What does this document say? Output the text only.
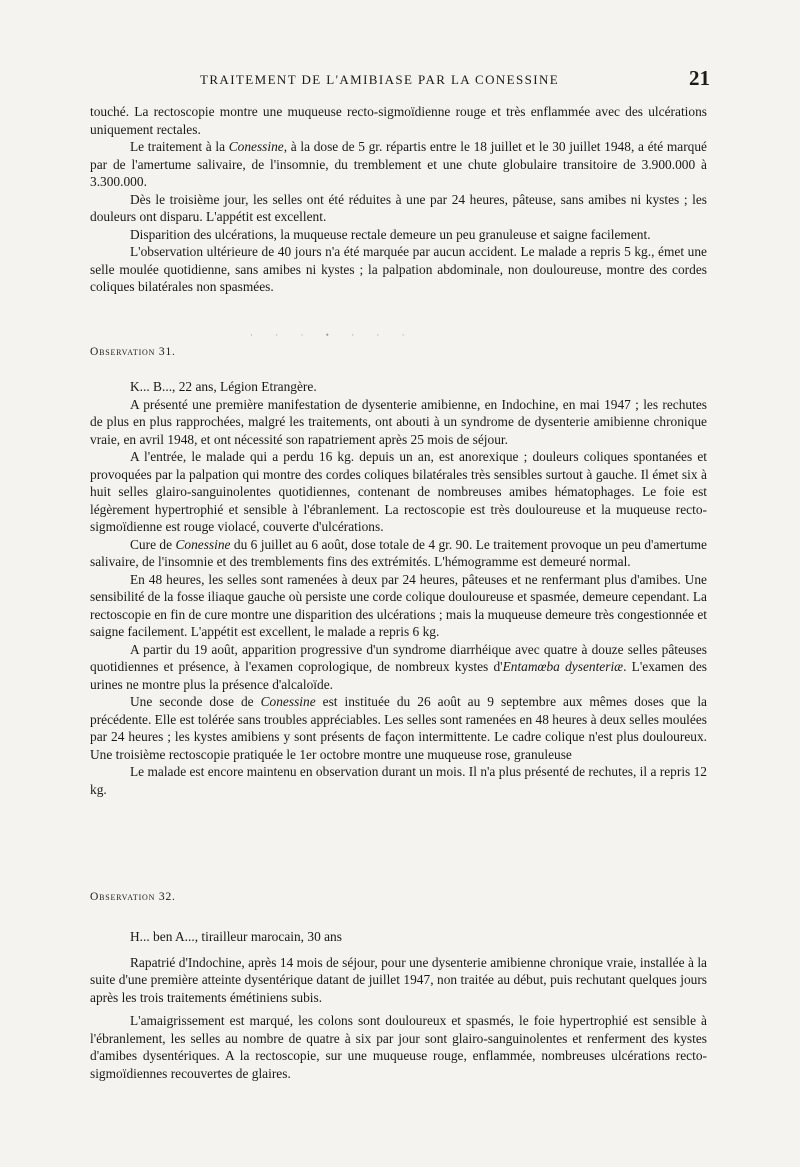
TRAITEMENT DE L'AMIBIASE PAR LA CONESSINE	21

touché. La rectoscopie montre une muqueuse recto-sigmoïdienne rouge et très enflammée avec des ulcérations uniquement rectales.

Le traitement à la Conessine, à la dose de 5 gr. répartis entre le 18 juillet et le 30 juillet 1948, a été marqué par de l'amertume salivaire, de l'insomnie, du tremblement et une chute globulaire transitoire de 3.900.000 à 3.300.000.

Dès le troisième jour, les selles ont été réduites à une par 24 heures, pâteuse, sans amibes ni kystes ; les douleurs ont disparu. L'appétit est excellent.

Disparition des ulcérations, la muqueuse rectale demeure un peu granuleuse et saigne facilement.

L'observation ultérieure de 40 jours n'a été marquée par aucun accident. Le malade a repris 5 kg., émet une selle moulée quotidienne, sans amibes ni kystes ; la palpation abdominale, non douloureuse, montre des cordes coliques bilatérales non spasmées.

· · · • · · ·
Observation 31.

K... B..., 22 ans, Légion Etrangère.

A présenté une première manifestation de dysenterie amibienne, en Indochine, en mai 1947 ; les rechutes de plus en plus rapprochées, malgré les traitements, ont abouti à un syndrome de dysenterie amibienne chronique vraie, en avril 1948, et ont nécessité son rapatriement après 25 mois de séjour.

A l'entrée, le malade qui a perdu 16 kg. depuis un an, est anorexique ; douleurs coliques spontanées et provoquées par la palpation qui montre des cordes coliques bilatérales très sensibles surtout à gauche. Il émet six à huit selles glairo-sanguinolentes quotidiennes, contenant de nombreuses amibes hématophages. Le foie est légèrement hypertrophié et sensible à l'ébranlement. La rectoscopie est très douloureuse et la muqueuse recto-sigmoïdienne est rouge violacé, couverte d'ulcérations.

Cure de Conessine du 6 juillet au 6 août, dose totale de 4 gr. 90. Le traitement provoque un peu d'amertume salivaire, de l'insomnie et des tremblements fins des extrémités. L'hémogramme est demeuré normal.

En 48 heures, les selles sont ramenées à deux par 24 heures, pâteuses et ne renfermant plus d'amibes. Une sensibilité de la fosse iliaque gauche où persiste une corde colique douloureuse et spasmée, demeure cependant. La rectoscopie en fin de cure montre une disparition des ulcérations ; mais la muqueuse demeure très congestionnée et saigne facilement. L'appétit est excellent, le malade a repris 6 kg.

A partir du 19 août, apparition progressive d'un syndrome diarrhéique avec quatre à douze selles pâteuses quotidiennes et présence, à l'examen coprologique, de nombreux kystes d'Entamœba dysenteriæ. L'examen des urines ne montre plus la présence d'alcaloïde.

Une seconde dose de Conessine est instituée du 26 août au 9 septembre aux mêmes doses que la précédente. Elle est tolérée sans troubles appréciables. Les selles sont ramenées en 48 heures à deux selles moulées par 24 heures ; les kystes amibiens y sont présents de façon intermittente. Le cadre colique n'est plus douloureux. Une troisième rectoscopie pratiquée le 1er octobre montre une muqueuse rose, granuleuse

Le malade est encore maintenu en observation durant un mois. Il n'a plus présenté de rechutes, il a repris 12 kg.

Observation 32.

H... ben A..., tirailleur marocain, 30 ans

Rapatrié d'Indochine, après 14 mois de séjour, pour une dysenterie amibienne chronique vraie, installée à la suite d'une première atteinte dysentérique datant de juillet 1947, non traitée au début, puis rechutant quelques jours après les trois traitements émétiniens subis.

L'amaigrissement est marqué, les colons sont douloureux et spasmés, le foie hypertrophié est sensible à l'ébranlement, les selles au nombre de quatre à six par jour sont glairo-sanguinolentes et renferment des kystes d'amibes dysentériques. A la rectoscopie, sur une muqueuse rouge, enflammée, nombreuses ulcérations recto-sigmoïdiennes recouvertes de glaires.
